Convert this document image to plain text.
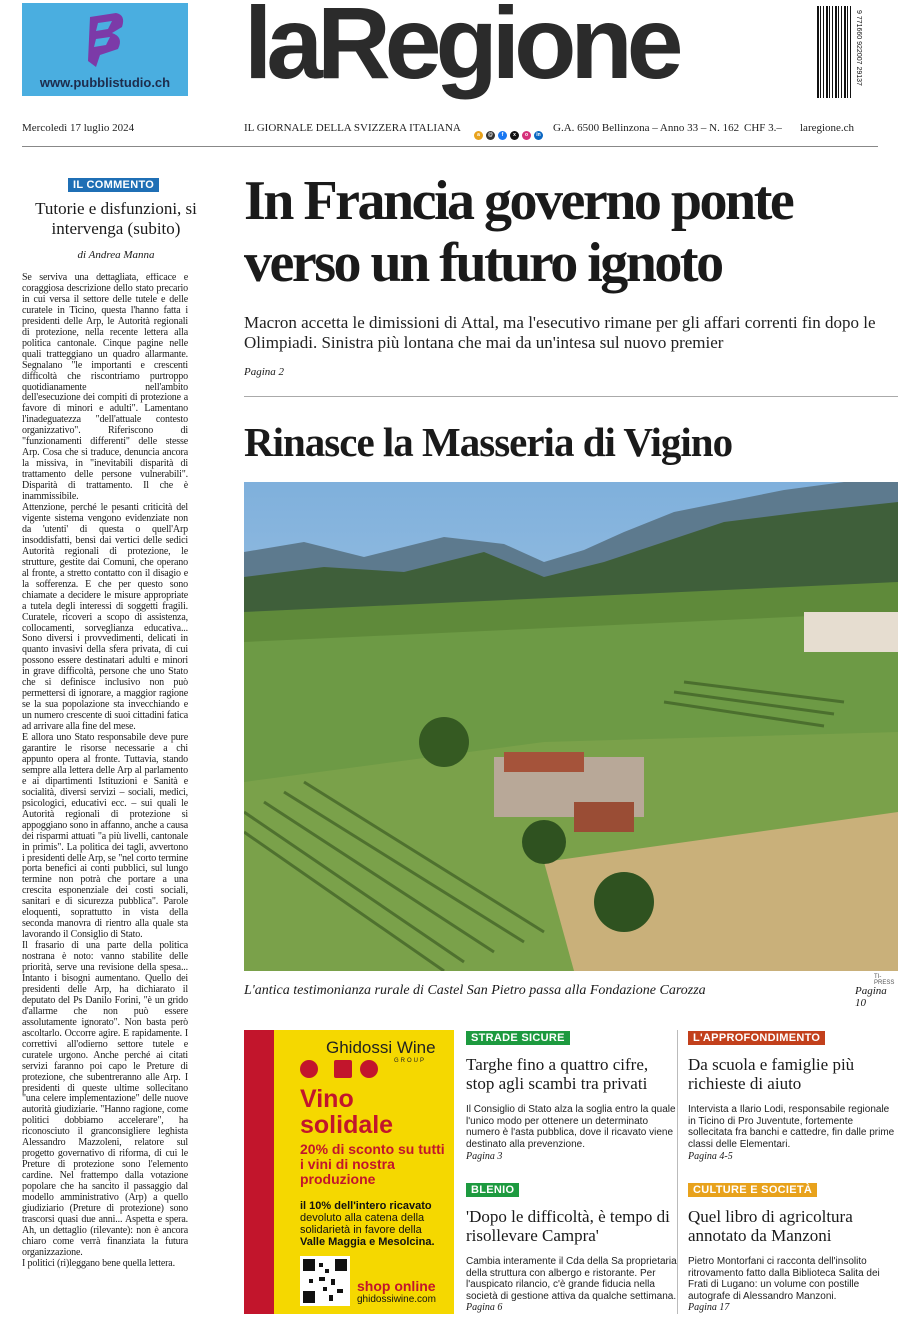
www.pubblistudio.ch laRegione	9 771660 922007 29137
Mercoledì 17 luglio 2024	IL GIORNALE DELLA SVIZZERA ITALIANA	G.A. 6500 Bellinzona – Anno 33 – N. 162 CHF 3.– laregione.ch
a	@	f	x	o	in
IL COMMENTO
Tutorie e disfunzioni, si intervenga (subito)
di Andrea Manna
Se serviva una dettagliata, efficace e coraggiosa descrizione dello stato precario in cui versa il settore delle tutele e delle curatele in Ticino, questa l'hanno fatta i presidenti delle Arp, le Autorità regionali di protezione, nella recente lettera alla politica cantonale. Cinque pagine nelle quali tratteggiano un quadro allarmante. Segnalano "le importanti e crescenti difficoltà che riscontriamo purtroppo quotidianamente nell'ambito dell'esecuzione dei compiti di protezione a favore di minori e adulti". Lamentano l'inadeguatezza "dell'attuale contesto organizzativo". Riferiscono di "funzionamenti differenti" delle stesse Arp. Cosa che si traduce, denuncia ancora la missiva, in "inevitabili disparità di trattamento delle persone vulnerabili". Disparità di trattamento. Il che è inammissibile.
Attenzione, perché le pesanti criticità del vigente sistema vengono evidenziate non da 'utenti' di questa o quell'Arp insoddisfatti, bensì dai vertici delle sedici Autorità regionali di protezione, le strutture, gestite dai Comuni, che operano al fronte, a stretto contatto con il disagio e la sofferenza. E che per questo sono chiamate a decidere le misure appropriate a tutela degli interessi di soggetti fragili. Curatele, ricoveri a scopo di assistenza, collocamenti, sorveglianza educativa... Sono diversi i provvedimenti, delicati in quanto invasivi della sfera privata, di cui possono essere destinatari adulti e minori in grave difficoltà, persone che uno Stato che si definisce inclusivo non può permettersi di ignorare, a maggior ragione se la sua popolazione sta invecchiando e un numero crescente di suoi cittadini fatica ad arrivare alla fine del mese.
E allora uno Stato responsabile deve pure garantire le risorse necessarie a chi appunto opera al fronte. Tuttavia, stando sempre alla lettera delle Arp al parlamento e ai dipartimenti Istituzioni e Sanità e socialità, diversi servizi – sociali, medici, psicologici, educativi ecc. – sui quali le Autorità regionali di protezione si appoggiano sono in affanno, anche a causa dei risparmi attuati "a più livelli, cantonale in primis". La politica dei tagli, avvertono i presidenti delle Arp, se "nel corto termine porta benefici ai conti pubblici, sul lungo termine non potrà che portare a una crescita esponenziale dei costi sociali, sanitari e di sicurezza pubblica". Parole eloquenti, soprattutto in vista della seconda manovra di rientro alla quale sta lavorando il Consiglio di Stato.
Il frasario di una parte della politica nostrana è noto: vanno stabilite delle priorità, serve una revisione della spesa... Intanto i bisogni aumentano. Quello dei presidenti delle Arp, ha dichiarato il deputato del Ps Danilo Forini, "è un grido d'allarme che non può essere assolutamente ignorato". Non basta però ascoltarlo. Occorre agire. E rapidamente. I correttivi all'odierno settore tutele e curatele urgono. Anche perché ai citati servizi faranno poi capo le Preture di protezione, che subentreranno alle Arp. I presidenti di queste ultime sollecitano "una celere implementazione" delle nuove autorità giudiziarie. "Hanno ragione, come politici dobbiamo accelerare", ha riconosciuto il granconsigliere leghista Alessandro Mazzoleni, relatore sul progetto governativo di riforma, di cui le Preture di protezione sono l'elemento cardine. Nel frattempo dalla votazione popolare che ha sancito il passaggio dal modello amministrativo (Arp) a quello giudiziario (Preture di protezione) sono trascorsi quasi due anni... Aspetta e spera. Ah, un dettaglio (rilevante): non è ancora chiaro come verrà finanziata la futura organizzazione.
I politici (ri)leggano bene quella lettera.
In Francia governo ponte verso un futuro ignoto
Macron accetta le dimissioni di Attal, ma l'esecutivo rimane per gli affari correnti fin dopo le Olimpiadi. Sinistra più lontana che mai da un'intesa sul nuovo premier
Pagina 2
Rinasce la Masseria di Vigino
TI-PRESS
L'antica testimonianza rurale di Castel San Pietro passa alla Fondazione Carozza	Pagina 10
Ghidossi Wine
GROUP
Vino
solidale
20% di sconto su tutti i vini di nostra produzione
il 10% dell'intero ricavato
devoluto alla catena della solidarietà in favore della
Valle Maggia e Mesolcina.
shop online
ghidossiwine.com
STRADE SICURE
Targhe fino a quattro cifre, stop agli scambi tra privati
Il Consiglio di Stato alza la soglia entro la quale l'unico modo per ottenere un determinato numero è l'asta pubblica, dove il ricavato viene destinato alla prevenzione.
Pagina 3
L'APPROFONDIMENTO
Da scuola e famiglie più richieste di aiuto
Intervista a Ilario Lodi, responsabile regionale in Ticino di Pro Juventute, fortemente sollecitata fra banchi e cattedre, fin dalle prime classi delle Elementari.
Pagina 4-5
BLENIO
'Dopo le difficoltà, è tempo di risollevare Campra'
Cambia interamente il Cda della Sa proprietaria della struttura con albergo e ristorante. Per l'auspicato rilancio, c'è grande fiducia nella società di gestione attiva da qualche settimana.
Pagina 6
CULTURE E SOCIETÀ
Quel libro di agricoltura annotato da Manzoni
Pietro Montorfani ci racconta dell'insolito ritrovamento fatto dalla Biblioteca Salita dei Frati di Lugano: un volume con postille autografe di Alessandro Manzoni.
Pagina 17
